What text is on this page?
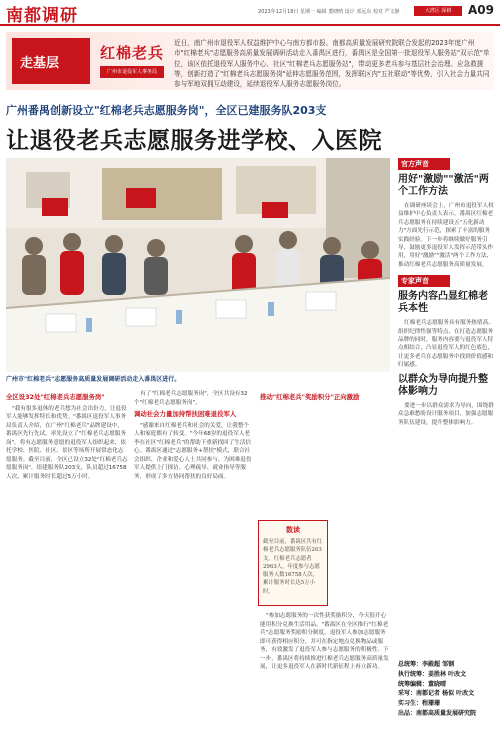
南都调研	2023年12月18日 星期一 编辑 董晓晴 设计 邓远东 校对 严文静	大湾区 深耕	A09
走基层
红棉老兵
广州市退役军人事务局
近日，南广州市退役军人权益维护中心与南方都市报、南都高质量发展研究院联合发起的2023年度广州市"红棉老兵"志愿服务高质量发展调研活动走入番禺区进行，番禺区是全国第一批退役军人服务站"双示范"单位，该区依托退役军人服务中心、社区"红棉老兵志愿服务站"，带动更多老兵参与基层社会治理、应急救援等，创新打造了"红棉老兵志愿服务岗"延伸志愿服务范围，发挥联区内"五社联动"等优势，引入社会力量共同参与军地双拥互动建设，延续退役军人服务志愿服务岗位。
广州番禺创新设立"红棉老兵志愿服务岗"，全区已建服务队203支
让退役老兵志愿服务进学校、入医院
广州市"红棉老兵"志愿服务高质量发展调研活动走入番禺区进行。
官方声音
用好"激励""激活"两个工作方法
在调研座谈会上，广州市退役军人权益维护中心负责人表示，番禺区红棉老兵志愿服务在持续建设五"五化新动力"方面先行示范，探索了丰富的服务实践经验。下一步将继续做好服务引导，鼓励更多退役军人发挥示范带头作用，用好"激励""激活"两个工作方法，推动红棉老兵志愿服务高质量发展。
专家声音
服务内容凸显红棉老兵本性
红棉老兵志愿服务具有服务热情高、组织纪律性强等特点，在打造志愿服务品牌的同时，服务内容要与退役军人特点相结合，凸显退役军人的红色底色，让更多老兵在志愿服务中找到价值感和归属感。
以群众为导向提升整体影响力
要进一步以群众需求为导向，围绕群众急难愁盼设计服务项目，加强志愿服务队伍建设，提升整体影响力。
总统筹：李殿超 邹钢
执行统筹：姜胜林 叶改文
统筹编辑：董晓晴
采写：南都记者 杨似 叶改文
实习生：程珊珊
出品：南都高质量发展研究院

全区设32处"红棉老兵志愿服务岗"

"我有很多退休的老兵想为社会出份力，让退役军人能够发挥特长和优势。"番禺区退役军人事务局负责人介绍，在广州"红棉老兵"品牌建设中，番禺区先行先试，率先设立了"红棉老兵志愿服务岗"，将有志愿服务意愿的退役军人组织起来，依托学校、医院、社区、景区等场所开展常态化志愿服务。截至目前，全区已设立32处"红棉老兵志愿服务岗"，组建服务队203支，队员超过16758人次，累计服务时长超过5万小时。

有了"红棉老兵志愿服务岗"，全区共设有32个"红棉老兵志愿服务岗"。

调动社会力量加持帮扶困难退役军人

"感谢来自红棉老兵和社会的关爱，让我整个人和家庭都有了转变。"今年68岁的退役军人老李在社区"红棉老兵"的帮助下重新找回了生活信心。番禺区通过"志愿服务+帮扶"模式，联合社会组织、企业和爱心人士共同参与，为困难退役军人提供上门探访、心理疏导、就业指导等服务，形成了多方协同帮扶的良好局面。

推动"红棉老兵"奖励积分"正向激励

数读
截至目前，番禺区共有红棉老兵志愿服务队伍203支，红棉老兵志愿者2963人，年度参与志愿服务人数16758人次，累计服务时长达5万小时。

"参加志愿服务的一次性获奖励积分，今天很开心能用积分兑换生活用品。"番禺区在全区推行"红棉老兵"志愿服务奖励积分制度，退役军人参加志愿服务即可获得相应积分，并可在指定地点兑换物品或服务，有效激发了退役军人参与志愿服务的积极性。下一步，番禺区将持续推进红棉老兵志愿服务高质量发展，让更多退役军人在新时代新征程上再立新功。
